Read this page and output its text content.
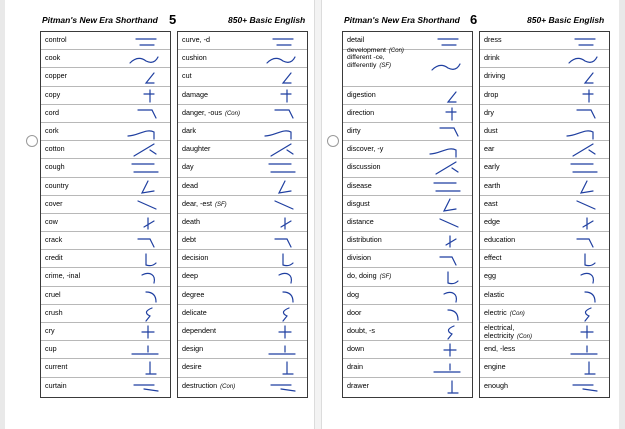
Pitman's New Era Shorthand 5	850+ Basic English	Pitman's New Era Shorthand 6	850+ Basic English
control
cook
copper
copy
cord
cork
cotton
cough
country
cover
cow
crack
credit
crime, -inal
cruel
crush
cry
cup
current
curtain
curve, -d
cushion
cut
damage
danger, -ous (Con)
dark
daughter
day
dead
dear, -est (SF)
death
debt
decision
deep
degree
delicate
dependent
design
desire
destruction (Con)
detail
development (Con)
different -ce,
differently (SF)
digestion
direction
dirty
discover, -y
discussion
disease
disgust
distance
distribution
division
do, doing (SF)
dog
door
doubt, -s
down
drain
drawer
dress
drink
driving
drop
dry
dust
ear
early
earth
east
edge
education
effect
egg
elastic
electric (Con)
electrical,
electricity (Con)
end, -less
engine
enough
